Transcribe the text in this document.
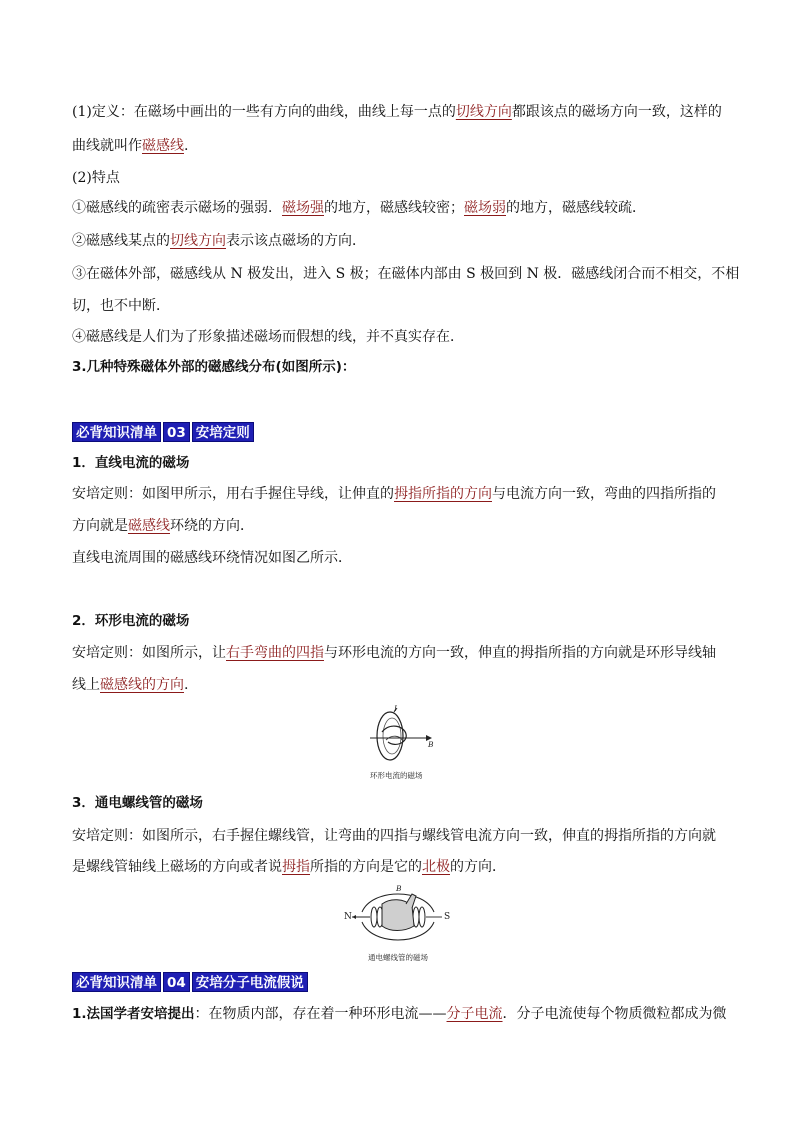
(1)定义：在磁场中画出的一些有方向的曲线，曲线上每一点的切线方向都跟该点的磁场方向一致，这样的
曲线就叫作磁感线.
(2)特点
①磁感线的疏密表示磁场的强弱．磁场强的地方，磁感线较密；磁场弱的地方，磁感线较疏．
②磁感线某点的切线方向表示该点磁场的方向．
③在磁体外部，磁感线从 N 极发出，进入 S 极；在磁体内部由 S 极回到 N 极．磁感线闭合而不相交，不相
切，也不中断．
④磁感线是人们为了形象描述磁场而假想的线，并不真实存在．
3.几种特殊磁体外部的磁感线分布(如图所示)：
必背知识清单 03 安培定则
1．直线电流的磁场
安培定则：如图甲所示，用右手握住导线，让伸直的拇指所指的方向与电流方向一致，弯曲的四指所指的
方向就是磁感线环绕的方向．
直线电流周围的磁感线环绕情况如图乙所示．
2．环形电流的磁场
安培定则：如图所示，让右手弯曲的四指与环形电流的方向一致，伸直的拇指所指的方向就是环形导线轴
线上磁感线的方向.
I
B
环形电流的磁场
3．通电螺线管的磁场
安培定则：如图所示，右手握住螺线管，让弯曲的四指与螺线管电流方向一致，伸直的拇指所指的方向就
是螺线管轴线上磁场的方向或者说拇指所指的方向是它的北极的方向．
B
N	S
通电螺线管的磁场
必背知识清单 04 安培分子电流假说
1.法国学者安培提出：在物质内部，存在着一种环形电流——分子电流．分子电流使每个物质微粒都成为微
